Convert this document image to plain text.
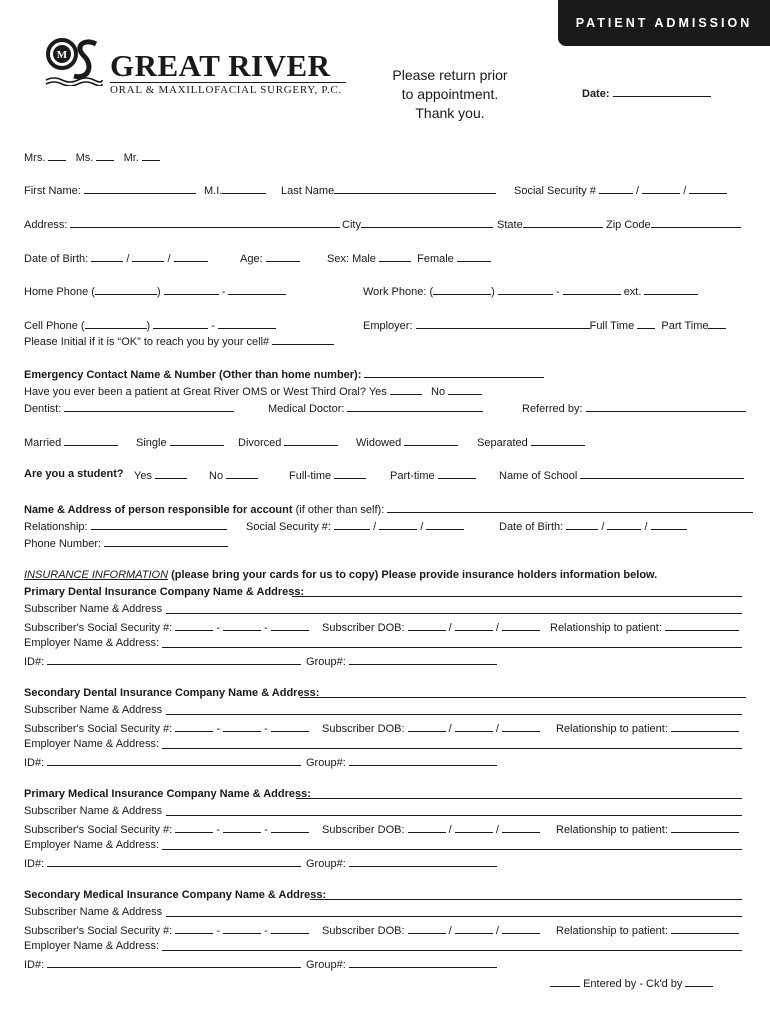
PATIENT ADMISSION
M GREAT RIVER
ORAL & MAXILLOFACIAL SURGERY, P.C.
Please return prior
to appointment.
Thank you.
Date:
Mrs.	Ms.	Mr.
First Name:	M.I.	Last Name	Social Security #	/	/
Address:	City	State	Zip Code
Date of Birth:	/	/	Age:	Sex: Male	Female
Home Phone (	)	-	Work Phone: (	)	-	ext.
Cell Phone (	)	-	Employer:	Full Time Part Time
Please Initial if it is “OK” to reach you by your cell#
Emergency Contact Name & Number (Other than home number):
Have you ever been a patient at Great River OMS or West Third Oral? Yes	No
Dentist:	Medical Doctor:	Referred by:
Married	Single	Divorced	Widowed	Separated
Are you a student? Yes	No	Full-time	Part-time	Name of School
Name & Address of person responsible for account (if other than self):
Relationship:	Social Security #:	/	/	Date of Birth:	/	/
Phone Number:
INSURANCE INFORMATION (please bring your cards for us to copy) Please provide insurance holders information below.
Primary Dental Insurance Company Name & Address:
Subscriber Name & Address
Subscriber's Social Security #:	-	-	Subscriber DOB:	/	/	Relationship to patient:
Employer Name & Address:
ID#:	Group#:
Secondary Dental Insurance Company Name & Address:
Subscriber Name & Address
Subscriber's Social Security #:	-	-	Subscriber DOB:	/	/	Relationship to patient:
Employer Name & Address:
ID#:	Group#:
Primary Medical Insurance Company Name & Address:
Subscriber Name & Address
Subscriber's Social Security #:	-	-	Subscriber DOB:	/	/	Relationship to patient:
Employer Name & Address:
ID#:	Group#:
Secondary Medical Insurance Company Name & Address:
Subscriber Name & Address
Subscriber's Social Security #:	-	-	Subscriber DOB:	/	/	Relationship to patient:
Employer Name & Address:
ID#:	Group#:
Entered by - Ck'd by
